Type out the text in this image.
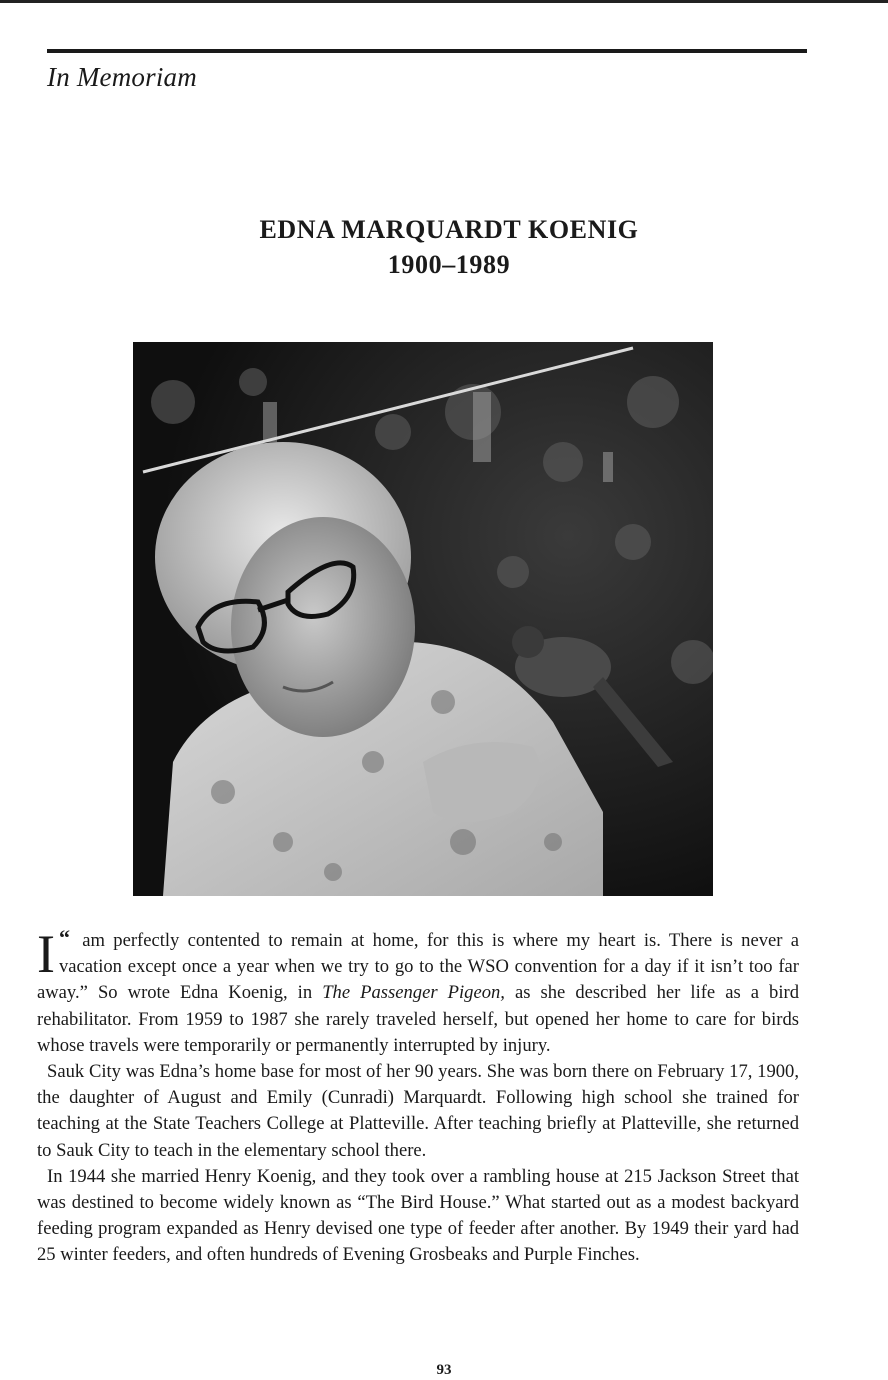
In Memoriam
EDNA MARQUARDT KOENIG
1900–1989

“
I am perfectly contented to remain at home, for this is where my heart is. There is never a vacation except once a year when we try to go to the WSO convention for a day if it isn’t too far away.” So wrote Edna Koenig, in The Passenger Pigeon, as she described her life as a bird rehabilitator. From 1959 to 1987 she rarely traveled herself, but opened her home to care for birds whose travels were temporarily or permanently interrupted by injury.

Sauk City was Edna’s home base for most of her 90 years. She was born there on February 17, 1900, the daughter of August and Emily (Cunradi) Marquardt. Following high school she trained for teaching at the State Teachers College at Platteville. After teaching briefly at Platteville, she returned to Sauk City to teach in the elementary school there.

In 1944 she married Henry Koenig, and they took over a rambling house at 215 Jackson Street that was destined to become widely known as “The Bird House.” What started out as a modest backyard feeding program expanded as Henry devised one type of feeder after another. By 1949 their yard had 25 winter feeders, and often hundreds of Evening Grosbeaks and Purple Finches.

93
